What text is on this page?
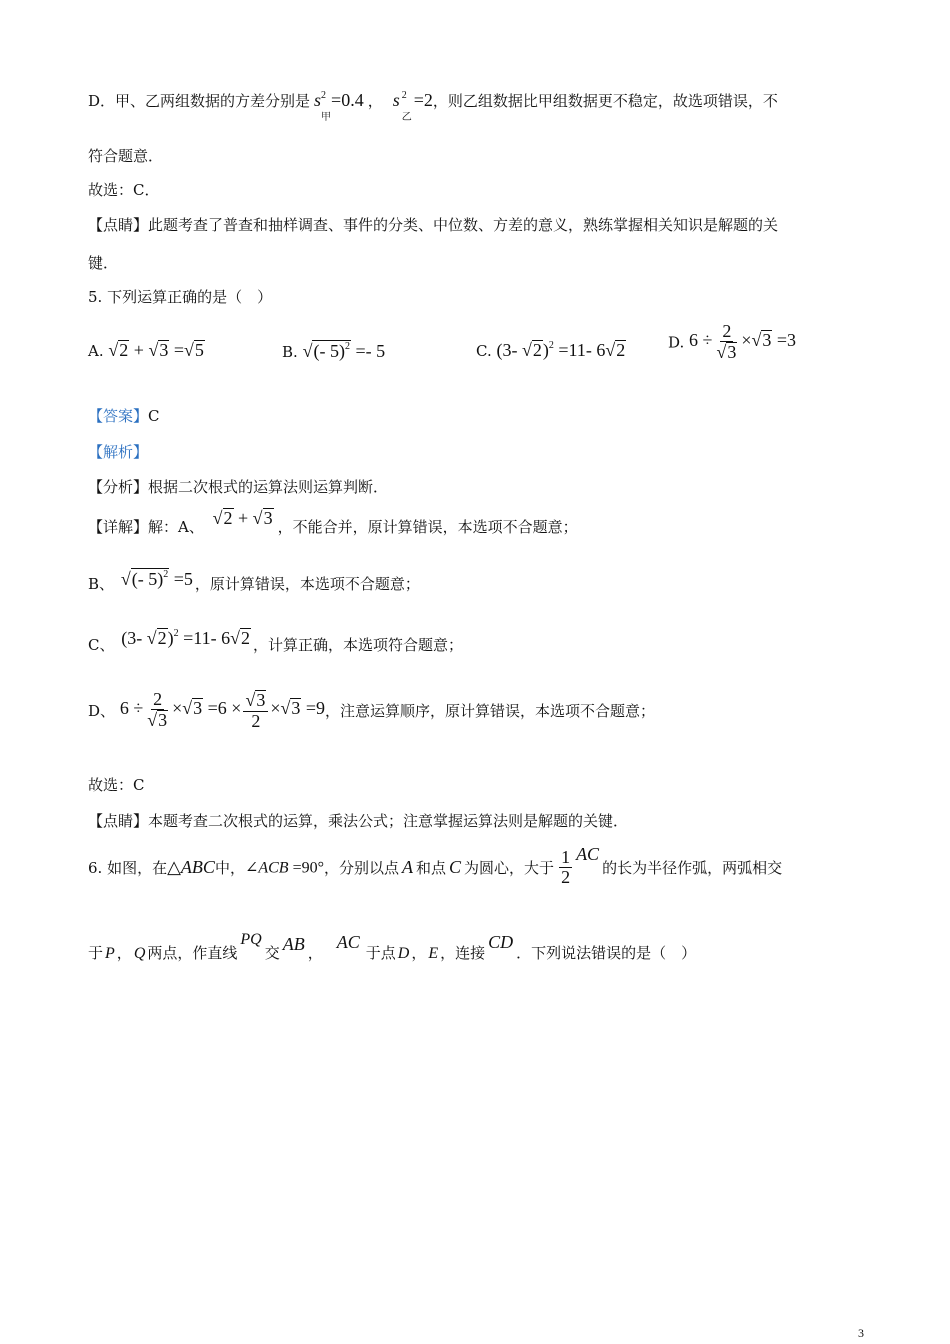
D．甲、乙两组数据的方差分别是 s 2
甲
=0.4 ， s 2
乙
=2，则乙组数据比甲组数据更不稳定，故选项错误，不
符合题意．
故选：C．
【点睛】此题考查了普查和抽样调查、事件的分类、中位数、方差的意义，熟练掌握相关知识是解题的关
键．
5. 下列运算正确的是（　）
A. √2 + √3 =√5	B. √(- 5)$^2$ =- 5	C. (3- √2)$^2$ =11- 6√2	D. $6 \div \frac{2}{√3} \times√3 =3$
【答案】C
【解析】
【分析】根据二次根式的运算法则运算判断．
【详解】解：A、 √2 + √3 ，不能合并，原计算错误，本选项不合题意；
B、 √(- 5)$^2$ =5 ，原计算错误，本选项不合题意；
C、 (3- √2)$^2$ =11- 6√2 ，计算正确，本选项符合题意；
D、 $6 \div \frac{2}{√3} \times√3 =6 \times \frac{√3}{2} \times√3 =9$，注意运算顺序，原计算错误，本选项不合题意；
故选：C
【点睛】本题考查二次根式的运算，乘法公式；注意掌握运算法则是解题的关键．
6. 如图，在△ABC中，∠ACB =90°，分别以点 A 和点 C 为圆心，大于 $\frac{1}{2}$ AC的长为半径作弧，两弧相交
于 P ， Q 两点，作直线PQ交 AB ，AC于点 D ， E ，连接CD．下列说法错误的是（　）
3
